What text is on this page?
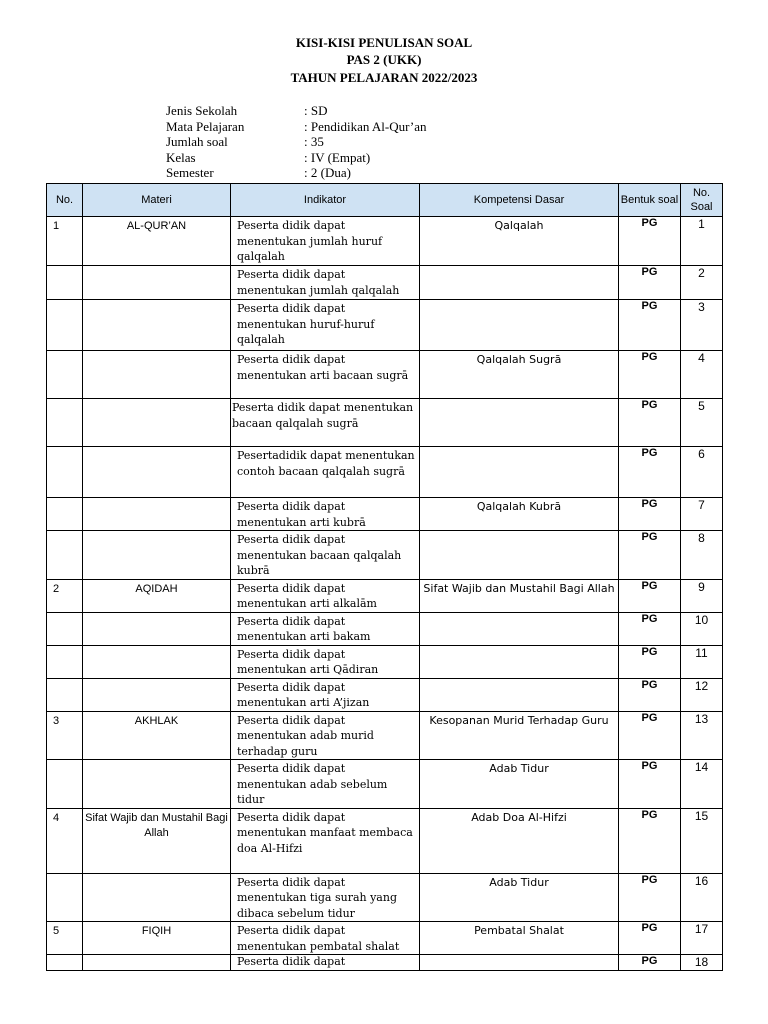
KISI-KISI PENULISAN SOAL
PAS 2 (UKK)
TAHUN PELAJARAN 2022/2023
Jenis Sekolah	: SD
Mata Pelajaran	: Pendidikan Al-Qur’an
Jumlah soal	: 35
Kelas	: IV (Empat)
Semester	: 2 (Dua)
No.	Materi	Indikator	Kompetensi Dasar	Bentuk soal	No. Soal
1	AL-QUR’AN	Peserta didik dapat menentukan jumlah huruf qalqalah	Qalqalah	PG	1
		Peserta didik dapat menentukan jumlah qalqalah		PG	2
		Peserta didik dapat menentukan huruf-huruf qalqalah		PG	3
		Peserta didik dapat menentukan arti bacaan sugrā	Qalqalah Sugrā	PG	4
		Peserta didik dapat menentukan bacaan qalqalah sugrā		PG	5
		Pesertadidik dapat menentukan contoh bacaan qalqalah sugrā		PG	6
		Peserta didik dapat menentukan arti kubrā	Qalqalah Kubrā	PG	7
		Peserta didik dapat menentukan bacaan qalqalah kubrā		PG	8
2	AQIDAH	Peserta didik dapat menentukan arti alkalām	Sifat Wajib dan Mustahil Bagi Allah	PG	9
		Peserta didik dapat menentukan arti bakam		PG	10
		Peserta didik dapat menentukan arti Qādiran		PG	11
		Peserta didik dapat menentukan arti A’jizan		PG	12
3	AKHLAK	Peserta didik dapat menentukan adab murid terhadap guru	Kesopanan Murid Terhadap Guru	PG	13
		Peserta didik dapat menentukan adab sebelum tidur	Adab Tidur	PG	14
4	Sifat Wajib dan Mustahil Bagi Allah	Peserta didik dapat menentukan manfaat membaca doa Al-Hifzi	Adab Doa Al-Hifzi	PG	15
		Peserta didik dapat menentukan tiga surah yang dibaca sebelum tidur	Adab Tidur	PG	16
5	FIQIH	Peserta didik dapat menentukan pembatal shalat	Pembatal Shalat	PG	17
		Peserta didik dapat		PG	18
